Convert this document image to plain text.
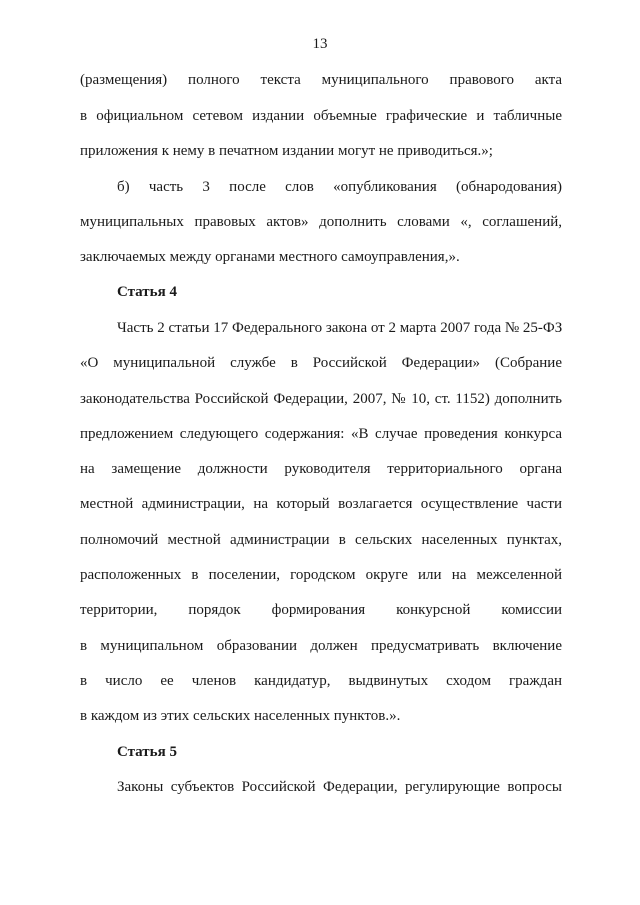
13
(размещения) полного текста муниципального правового акта
в официальном сетевом издании объемные графические и табличные
приложения к нему в печатном издании могут не приводиться.»;
б) часть 3 после слов «опубликования (обнародования)
муниципальных правовых актов» дополнить словами «, соглашений,
заключаемых между органами местного самоуправления,».
Статья 4
Часть 2 статьи 17 Федерального закона от 2 марта 2007 года № 25-ФЗ
«О муниципальной службе в Российской Федерации» (Собрание
законодательства Российской Федерации, 2007, № 10, ст. 1152) дополнить
предложением следующего содержания: «В случае проведения конкурса
на замещение должности руководителя территориального органа
местной администрации, на который возлагается осуществление части
полномочий местной администрации в сельских населенных пунктах,
расположенных в поселении, городском округе или на межселенной
территории, порядок формирования конкурсной комиссии
в муниципальном образовании должен предусматривать включение
в число ее членов кандидатур, выдвинутых сходом граждан
в каждом из этих сельских населенных пунктов.».
Статья 5
Законы субъектов Российской Федерации, регулирующие вопросы
